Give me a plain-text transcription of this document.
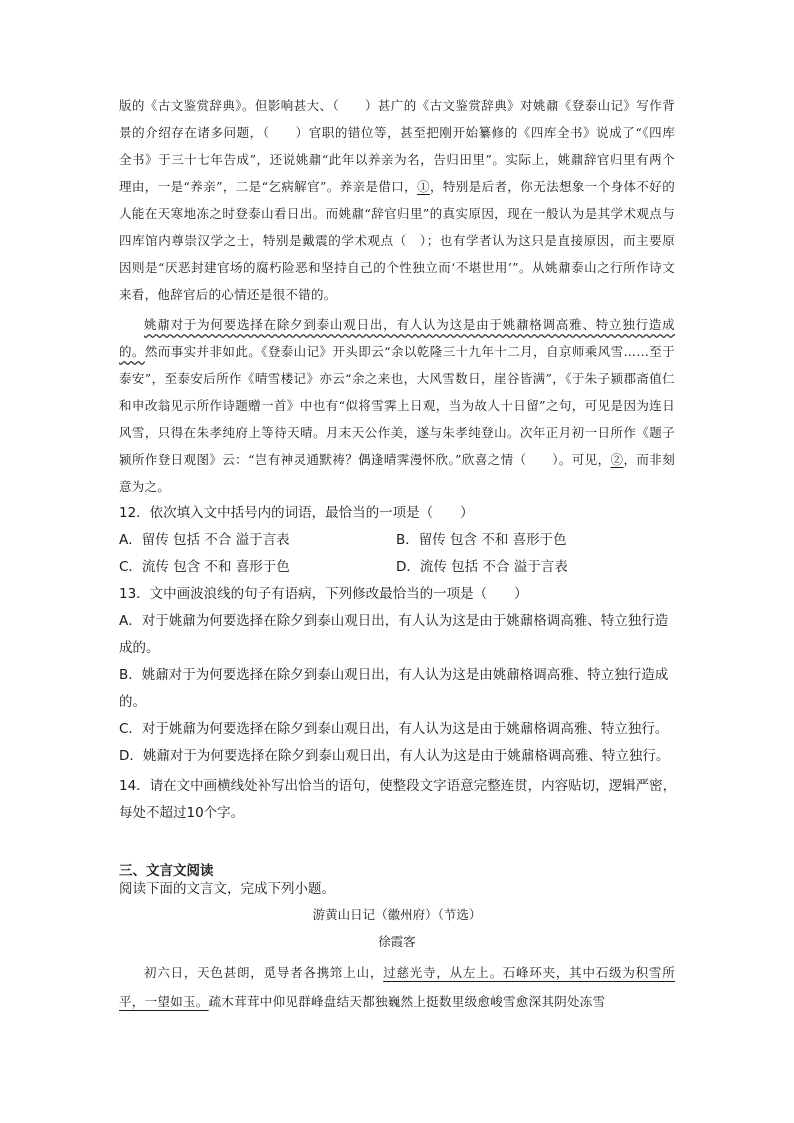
版的《古文鉴赏辞典》。但影响甚大、（　　）甚广的《古文鉴赏辞典》对姚鼐《登泰山记》写作背景的介绍存在诸多问题，（　　）官职的错位等，甚至把刚开始纂修的《四库全书》说成了“《四库全书》于三十七年告成”，还说姚鼐“此年以养亲为名，告归田里”。实际上，姚鼐辞官归里有两个理由，一是“养亲”，二是“乞病解官”。养亲是借口，①，特别是后者，你无法想象一个身体不好的人能在天寒地冻之时登泰山看日出。而姚鼐“辞官归里”的真实原因，现在一般认为是其学术观点与四库馆内尊崇汉学之士，特别是戴震的学术观点（　）；也有学者认为这只是直接原因，而主要原因则是“厌恶封建官场的腐朽险恶和坚持自己的个性独立而‘不堪世用’”。从姚鼐泰山之行所作诗文来看，他辞官后的心情还是很不错的。

姚鼐对于为何要选择在除夕到泰山观日出，有人认为这是由于姚鼐格调高雅、特立独行造成的。然而事实并非如此。《登泰山记》开头即云“余以乾隆三十九年十二月，自京师乘风雪……至于泰安”，至泰安后所作《晴雪楼记》亦云“余之来也，大风雪数日，崖谷皆满”，《于朱子颍郡斋值仁和申改翁见示所作诗题赠一首》中也有“似将雪霁上日观，当为故人十日留”之句，可见是因为连日风雪，只得在朱孝纯府上等待天晴。月末天公作美，遂与朱孝纯登山。次年正月初一日所作《题子颍所作登日观图》云：“岂有神灵通默祷？偶逢晴霁漫怀欣。”欣喜之情（　　）。可见，②，而非刻意为之。

12．依次填入文中括号内的词语，最恰当的一项是（　　）

A．留传 包括 不合 溢于言表	B．留传 包含 不和 喜形于色
C．流传 包含 不和 喜形于色	D．流传 包括 不合 溢于言表

13．文中画波浪线的句子有语病，下列修改最恰当的一项是（　　）

A．对于姚鼐为何要选择在除夕到泰山观日出，有人认为这是由于姚鼐格调高雅、特立独行造成的。

B．姚鼐对于为何要选择在除夕到泰山观日出，有人认为这是由姚鼐格调高雅、特立独行造成的。

C．对于姚鼐为何要选择在除夕到泰山观日出，有人认为这是由于姚鼐格调高雅、特立独行。

D．姚鼐对于为何要选择在除夕到泰山观日出，有人认为这是由于姚鼐格调高雅、特立独行。

14．请在文中画横线处补写出恰当的语句，使整段文字语意完整连贯，内容贴切，逻辑严密，每处不超过10个字。

三、文言文阅读
阅读下面的文言文，完成下列小题。
游黄山日记（徽州府）（节选）
徐霞客

初六日，天色甚朗，觅导者各携筇上山，过慈光寺，从左上。石峰环夹，其中石级为积雪所平，一望如玉。疏木茸茸中仰见群峰盘结天都独巍然上挺数里级愈峻雪愈深其阴处冻雪
